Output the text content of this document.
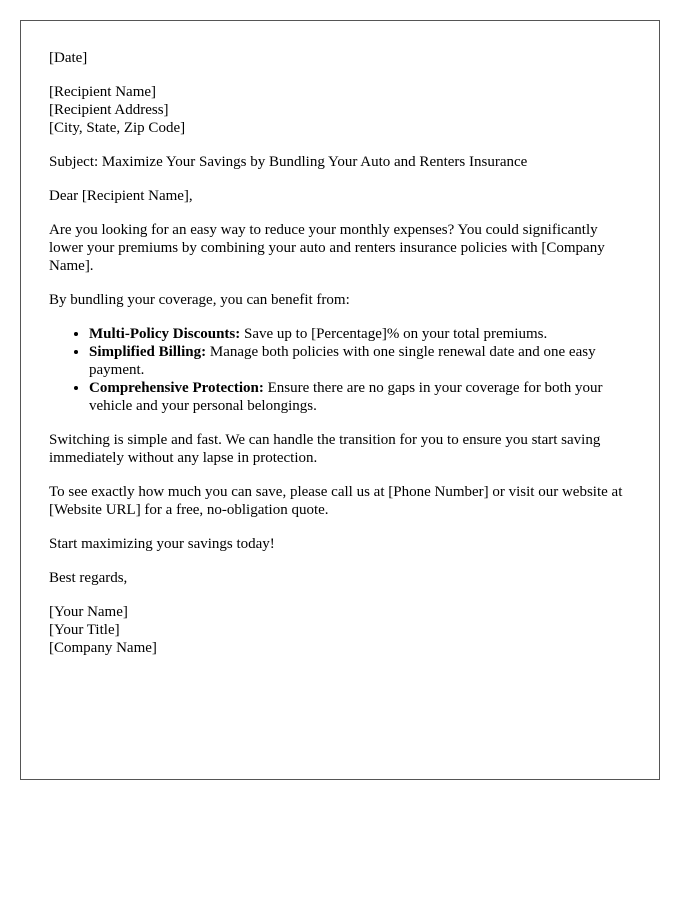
[Date]
[Recipient Name]
[Recipient Address]
[City, State, Zip Code]
Subject: Maximize Your Savings by Bundling Your Auto and Renters Insurance
Dear [Recipient Name],
Are you looking for an easy way to reduce your monthly expenses? You could significantly lower your premiums by combining your auto and renters insurance policies with [Company Name].
By bundling your coverage, you can benefit from:
• Multi-Policy Discounts: Save up to [Percentage]% on your total premiums.
• Simplified Billing: Manage both policies with one single renewal date and one easy payment.
• Comprehensive Protection: Ensure there are no gaps in your coverage for both your vehicle and your personal belongings.
Switching is simple and fast. We can handle the transition for you to ensure you start saving immediately without any lapse in protection.
To see exactly how much you can save, please call us at [Phone Number] or visit our website at [Website URL] for a free, no-obligation quote.
Start maximizing your savings today!
Best regards,
[Your Name]
[Your Title]
[Company Name]
